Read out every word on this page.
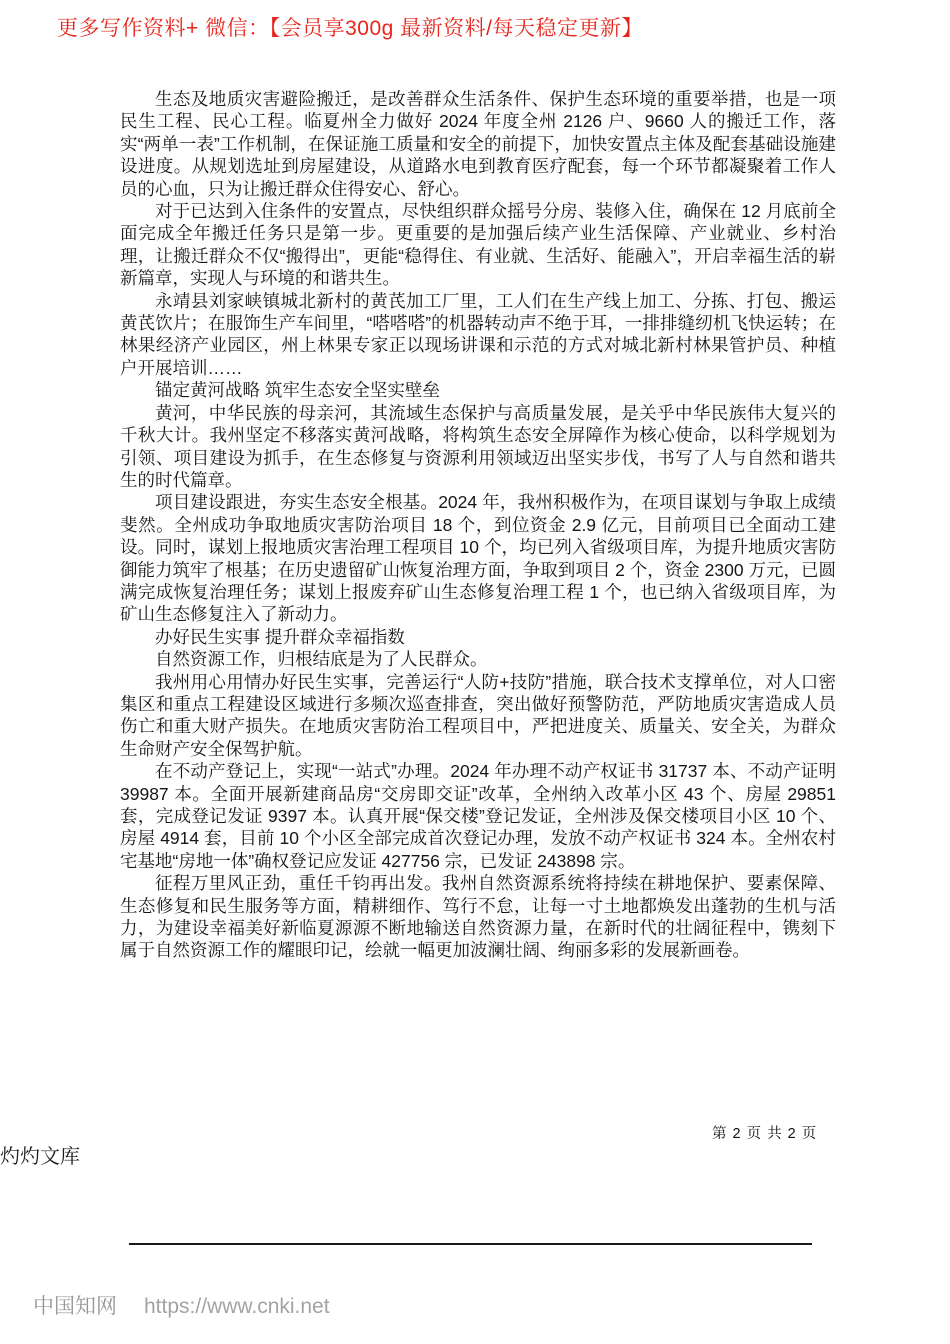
更多写作资料+ 微信：【会员享300g 最新资料/每天稳定更新】

生态及地质灾害避险搬迁，是改善群众生活条件、保护生态环境的重要举措，也是一项民生工程、民心工程。临夏州全力做好 2024 年度全州 2126 户、9660 人的搬迁工作，落实“两单一表”工作机制，在保证施工质量和安全的前提下，加快安置点主体及配套基础设施建设进度。从规划选址到房屋建设，从道路水电到教育医疗配套，每一个环节都凝聚着工作人员的心血，只为让搬迁群众住得安心、舒心。

对于已达到入住条件的安置点，尽快组织群众摇号分房、装修入住，确保在 12 月底前全面完成全年搬迁任务只是第一步。更重要的是加强后续产业生活保障、产业就业、乡村治理，让搬迁群众不仅“搬得出”，更能“稳得住、有业就、生活好、能融入”，开启幸福生活的崭新篇章，实现人与环境的和谐共生。

永靖县刘家峡镇城北新村的黄芪加工厂里，工人们在生产线上加工、分拣、打包、搬运黄芪饮片；在服饰生产车间里，“嗒嗒嗒”的机器转动声不绝于耳，一排排缝纫机飞快运转；在林果经济产业园区，州上林果专家正以现场讲课和示范的方式对城北新村林果管护员、种植户开展培训……

锚定黄河战略 筑牢生态安全坚实壁垒

黄河，中华民族的母亲河，其流域生态保护与高质量发展，是关乎中华民族伟大复兴的千秋大计。我州坚定不移落实黄河战略，将构筑生态安全屏障作为核心使命，以科学规划为引领、项目建设为抓手，在生态修复与资源利用领域迈出坚实步伐，书写了人与自然和谐共生的时代篇章。

项目建设跟进，夯实生态安全根基。2024 年，我州积极作为，在项目谋划与争取上成绩斐然。全州成功争取地质灾害防治项目 18 个，到位资金 2.9 亿元，目前项目已全面动工建设。同时，谋划上报地质灾害治理工程项目 10 个，均已列入省级项目库，为提升地质灾害防御能力筑牢了根基；在历史遗留矿山恢复治理方面，争取到项目 2 个，资金 2300 万元，已圆满完成恢复治理任务；谋划上报废弃矿山生态修复治理工程 1 个，也已纳入省级项目库，为矿山生态修复注入了新动力。

办好民生实事 提升群众幸福指数

自然资源工作，归根结底是为了人民群众。

我州用心用情办好民生实事，完善运行“人防+技防”措施，联合技术支撑单位，对人口密集区和重点工程建设区域进行多频次巡查排查，突出做好预警防范，严防地质灾害造成人员伤亡和重大财产损失。在地质灾害防治工程项目中，严把进度关、质量关、安全关，为群众生命财产安全保驾护航。

在不动产登记上，实现“一站式”办理。2024 年办理不动产权证书 31737 本、不动产证明 39987 本。全面开展新建商品房“交房即交证”改革，全州纳入改革小区 43 个、房屋 29851 套，完成登记发证 9397 本。认真开展“保交楼”登记发证，全州涉及保交楼项目小区 10 个、房屋 4914 套，目前 10 个小区全部完成首次登记办理，发放不动产权证书 324 本。全州农村宅基地“房地一体”确权登记应发证 427756 宗，已发证 243898 宗。

征程万里风正劲，重任千钧再出发。我州自然资源系统将持续在耕地保护、要素保障、生态修复和民生服务等方面，精耕细作、笃行不怠，让每一寸土地都焕发出蓬勃的生机与活力，为建设幸福美好新临夏源源不断地输送自然资源力量，在新时代的壮阔征程中，镌刻下属于自然资源工作的耀眼印记，绘就一幅更加波澜壮阔、绚丽多彩的发展新画卷。

第 2 页 共 2 页
灼灼文库
中国知网 https://www.cnki.net
